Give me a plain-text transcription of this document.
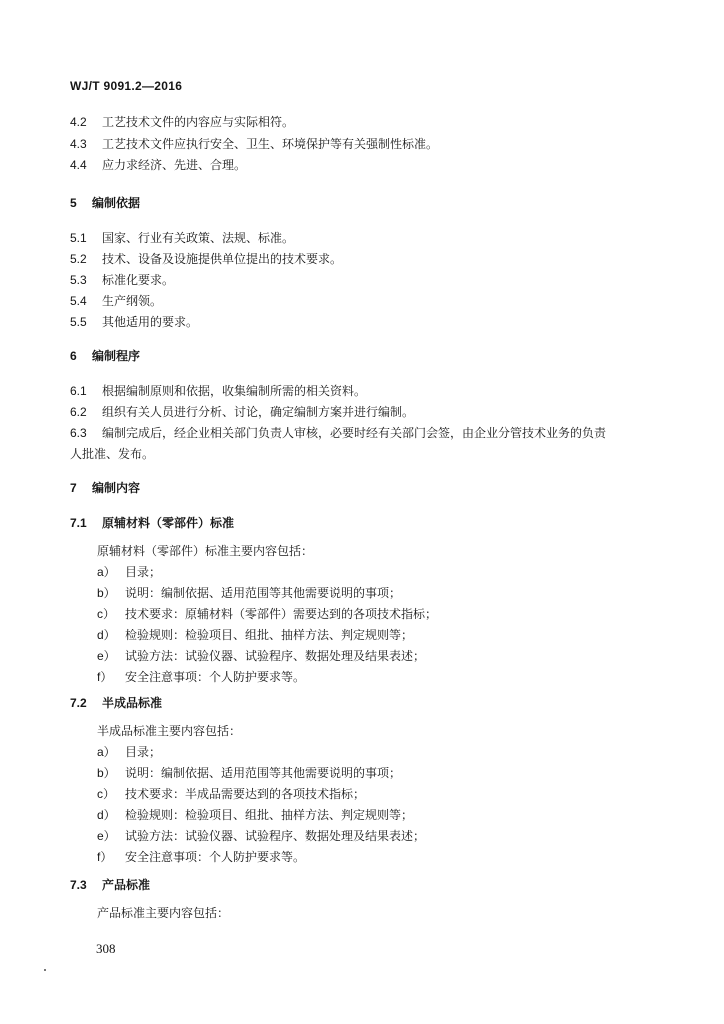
WJ/T 9091.2—2016
4.2 工艺技术文件的内容应与实际相符。
4.3 工艺技术文件应执行安全、卫生、环境保护等有关强制性标准。
4.4 应力求经济、先进、合理。
5 编制依据
5.1 国家、行业有关政策、法规、标准。
5.2 技术、设备及设施提供单位提出的技术要求。
5.3 标准化要求。
5.4 生产纲领。
5.5 其他适用的要求。
6 编制程序
6.1 根据编制原则和依据，收集编制所需的相关资料。
6.2 组织有关人员进行分析、讨论，确定编制方案并进行编制。
6.3 编制完成后，经企业相关部门负责人审核，必要时经有关部门会签，由企业分管技术业务的负责
人批准、发布。
7 编制内容
7.1 原辅材料（零部件）标准
原辅材料（零部件）标准主要内容包括：
a） 目录；
b） 说明：编制依据、适用范围等其他需要说明的事项；
c） 技术要求：原辅材料（零部件）需要达到的各项技术指标；
d） 检验规则：检验项目、组批、抽样方法、判定规则等；
e） 试验方法：试验仪器、试验程序、数据处理及结果表述；
f） 安全注意事项：个人防护要求等。
7.2 半成品标准
半成品标准主要内容包括：
a） 目录；
b） 说明：编制依据、适用范围等其他需要说明的事项；
c） 技术要求：半成品需要达到的各项技术指标；
d） 检验规则：检验项目、组批、抽样方法、判定规则等；
e） 试验方法：试验仪器、试验程序、数据处理及结果表述；
f） 安全注意事项：个人防护要求等。
7.3 产品标准
产品标准主要内容包括：
308
